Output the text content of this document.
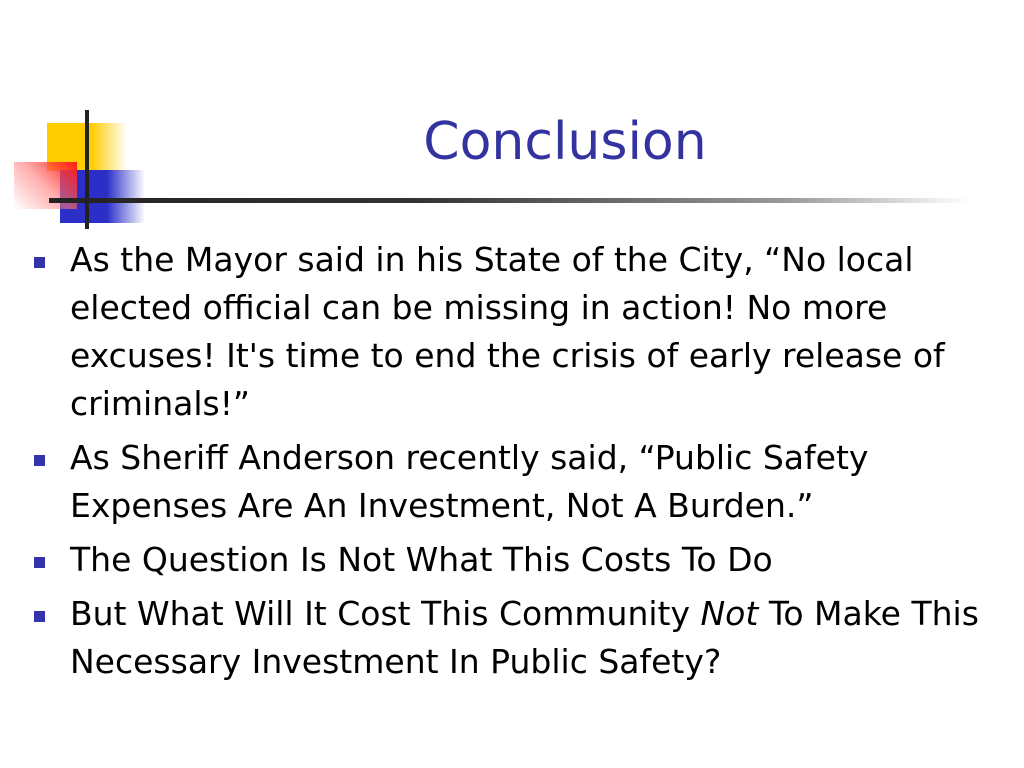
Conclusion
As the Mayor said in his State of the City, “No local elected official can be missing in action! No more excuses! It's time to end the crisis of early release of criminals!”
As Sheriff Anderson recently said, “Public Safety Expenses Are An Investment, Not A Burden.”
The Question Is Not What This Costs To Do
But What Will It Cost This Community Not To Make This Necessary Investment In Public Safety?
